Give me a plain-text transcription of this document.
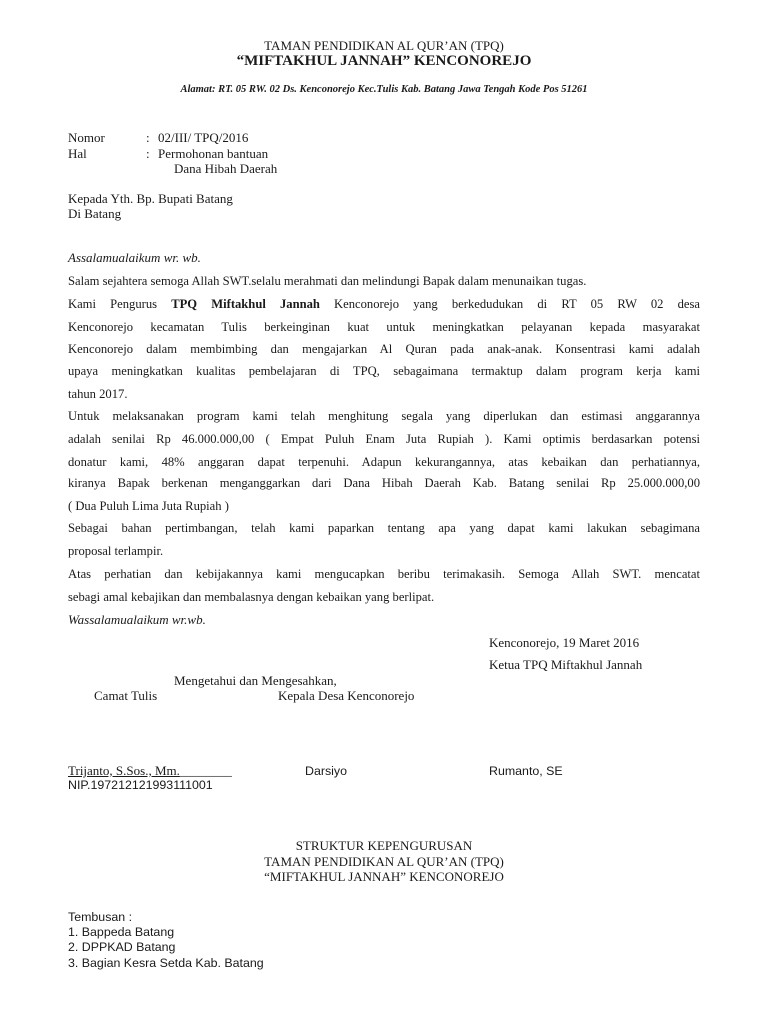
TAMAN PENDIDIKAN AL QUR’AN (TPQ)
“MIFTAKHUL JANNAH” KENCONOREJO
Alamat: RT. 05 RW. 02 Ds. Kenconorejo Kec.Tulis Kab. Batang Jawa Tengah Kode Pos 51261
Nomor	: 02/III/ TPQ/2016
Hal	: Permohonan bantuan
Dana Hibah Daerah
Kepada Yth. Bp. Bupati Batang
Di Batang
Assalamualaikum wr. wb.
Salam sejahtera semoga Allah SWT.selalu merahmati dan melindungi Bapak dalam menunaikan tugas.
Kami Pengurus TPQ Miftakhul Jannah Kenconorejo yang berkedudukan di RT 05 RW 02 desa
Kenconorejo kecamatan Tulis berkeinginan kuat untuk meningkatkan pelayanan kepada masyarakat
Kenconorejo dalam membimbing dan mengajarkan Al Quran pada anak-anak. Konsentrasi kami adalah
upaya meningkatkan kualitas pembelajaran di TPQ, sebagaimana termaktup dalam program kerja kami
tahun 2017.
Untuk melaksanakan program kami telah menghitung segala yang diperlukan dan estimasi anggarannya
adalah senilai Rp 46.000.000,00 ( Empat Puluh Enam Juta Rupiah ). Kami optimis berdasarkan potensi
donatur kami, 48% anggaran dapat terpenuhi. Adapun kekurangannya, atas kebaikan dan perhatiannya,
kiranya Bapak berkenan menganggarkan dari Dana Hibah Daerah Kab. Batang senilai Rp 25.000.000,00
( Dua Puluh Lima Juta Rupiah )
Sebagai bahan pertimbangan, telah kami paparkan tentang apa yang dapat kami lakukan sebagimana
proposal terlampir.
Atas perhatian dan kebijakannya kami mengucapkan beribu terimakasih. Semoga Allah SWT. mencatat
sebagi amal kebajikan dan membalasnya dengan kebaikan yang berlipat.
Wassalamualaikum wr.wb.
Kenconorejo, 19 Maret 2016
Ketua TPQ Miftakhul Jannah
Mengetahui dan Mengesahkan,
Camat Tulis	Kepala Desa Kenconorejo
Trijanto, S.Sos., Mm.________	Darsiyo	Rumanto, SE
NIP.197212121993111001
STRUKTUR KEPENGURUSAN
TAMAN PENDIDIKAN AL QUR’AN (TPQ)
“MIFTAKHUL JANNAH” KENCONOREJO
Tembusan :
1. Bappeda Batang
2. DPPKAD Batang
3. Bagian Kesra Setda Kab. Batang
